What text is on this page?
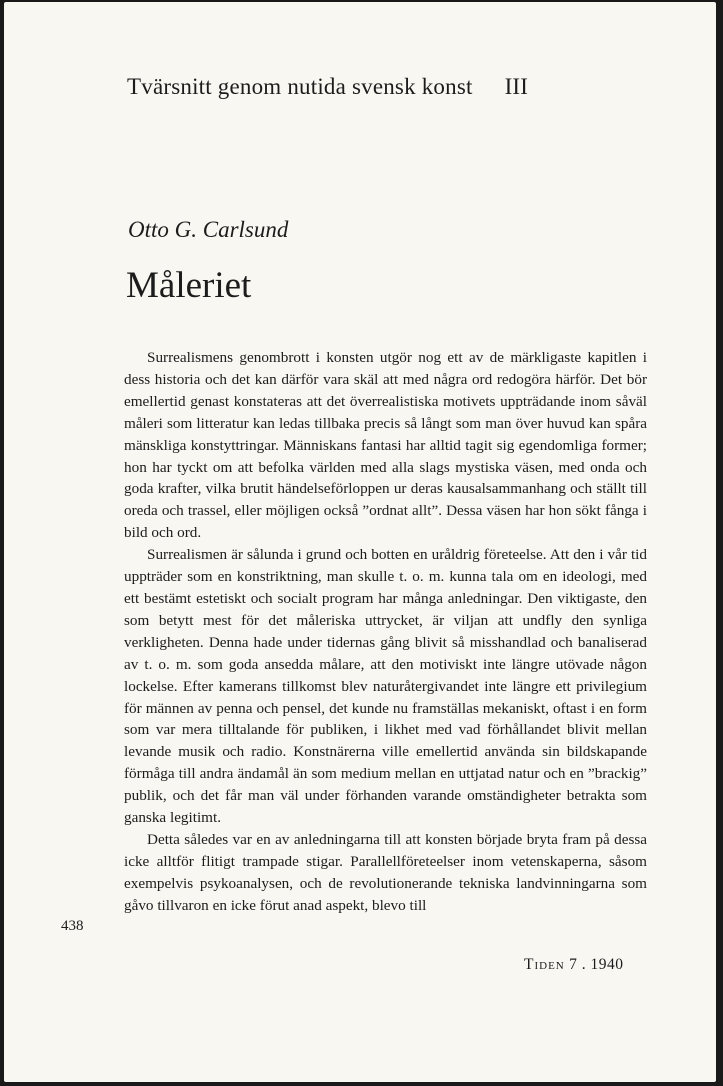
Tvärsnitt genom nutida svensk konst III
Otto G. Carlsund
Måleriet

Surrealismens genombrott i konsten utgör nog ett av de märkligaste kapitlen i dess historia och det kan därför vara skäl att med några ord redogöra härför. Det bör emellertid genast konstateras att det överrealistiska motivets uppträdande inom såväl måleri som litteratur kan ledas tillbaka precis så långt som man över huvud kan spåra mänskliga konstyttringar. Människans fantasi har alltid tagit sig egendomliga former; hon har tyckt om att befolka världen med alla slags mystiska väsen, med onda och goda krafter, vilka brutit händelseförloppen ur deras kausalsammanhang och ställt till oreda och trassel, eller möjligen också ”ordnat allt”. Dessa väsen har hon sökt fånga i bild och ord.

Surrealismen är sålunda i grund och botten en uråldrig företeelse. Att den i vår tid uppträder som en konstriktning, man skulle t. o. m. kunna tala om en ideologi, med ett bestämt estetiskt och socialt program har många anledningar. Den viktigaste, den som betytt mest för det måleriska uttrycket, är viljan att undfly den synliga verkligheten. Denna hade under tidernas gång blivit så misshandlad och banaliserad av t. o. m. som goda ansedda målare, att den motiviskt inte längre utövade någon lockelse. Efter kamerans tillkomst blev naturåtergivandet inte längre ett privilegium för männen av penna och pensel, det kunde nu framställas mekaniskt, oftast i en form som var mera tilltalande för publiken, i likhet med vad förhållandet blivit mellan levande musik och radio. Konstnärerna ville emellertid använda sin bildskapande förmåga till andra ändamål än som medium mellan en uttjatad natur och en ”brackig” publik, och det får man väl under förhanden varande omständigheter betrakta som ganska legitimt.

Detta således var en av anledningarna till att konsten började bryta fram på dessa icke alltför flitigt trampade stigar. Parallellföreteelser inom vetenskaperna, såsom exempelvis psykoanalysen, och de revolutionerande tekniska landvinningarna som gåvo tillvaron en icke förut anad aspekt, blevo till

438
Tiden 7 . 1940
